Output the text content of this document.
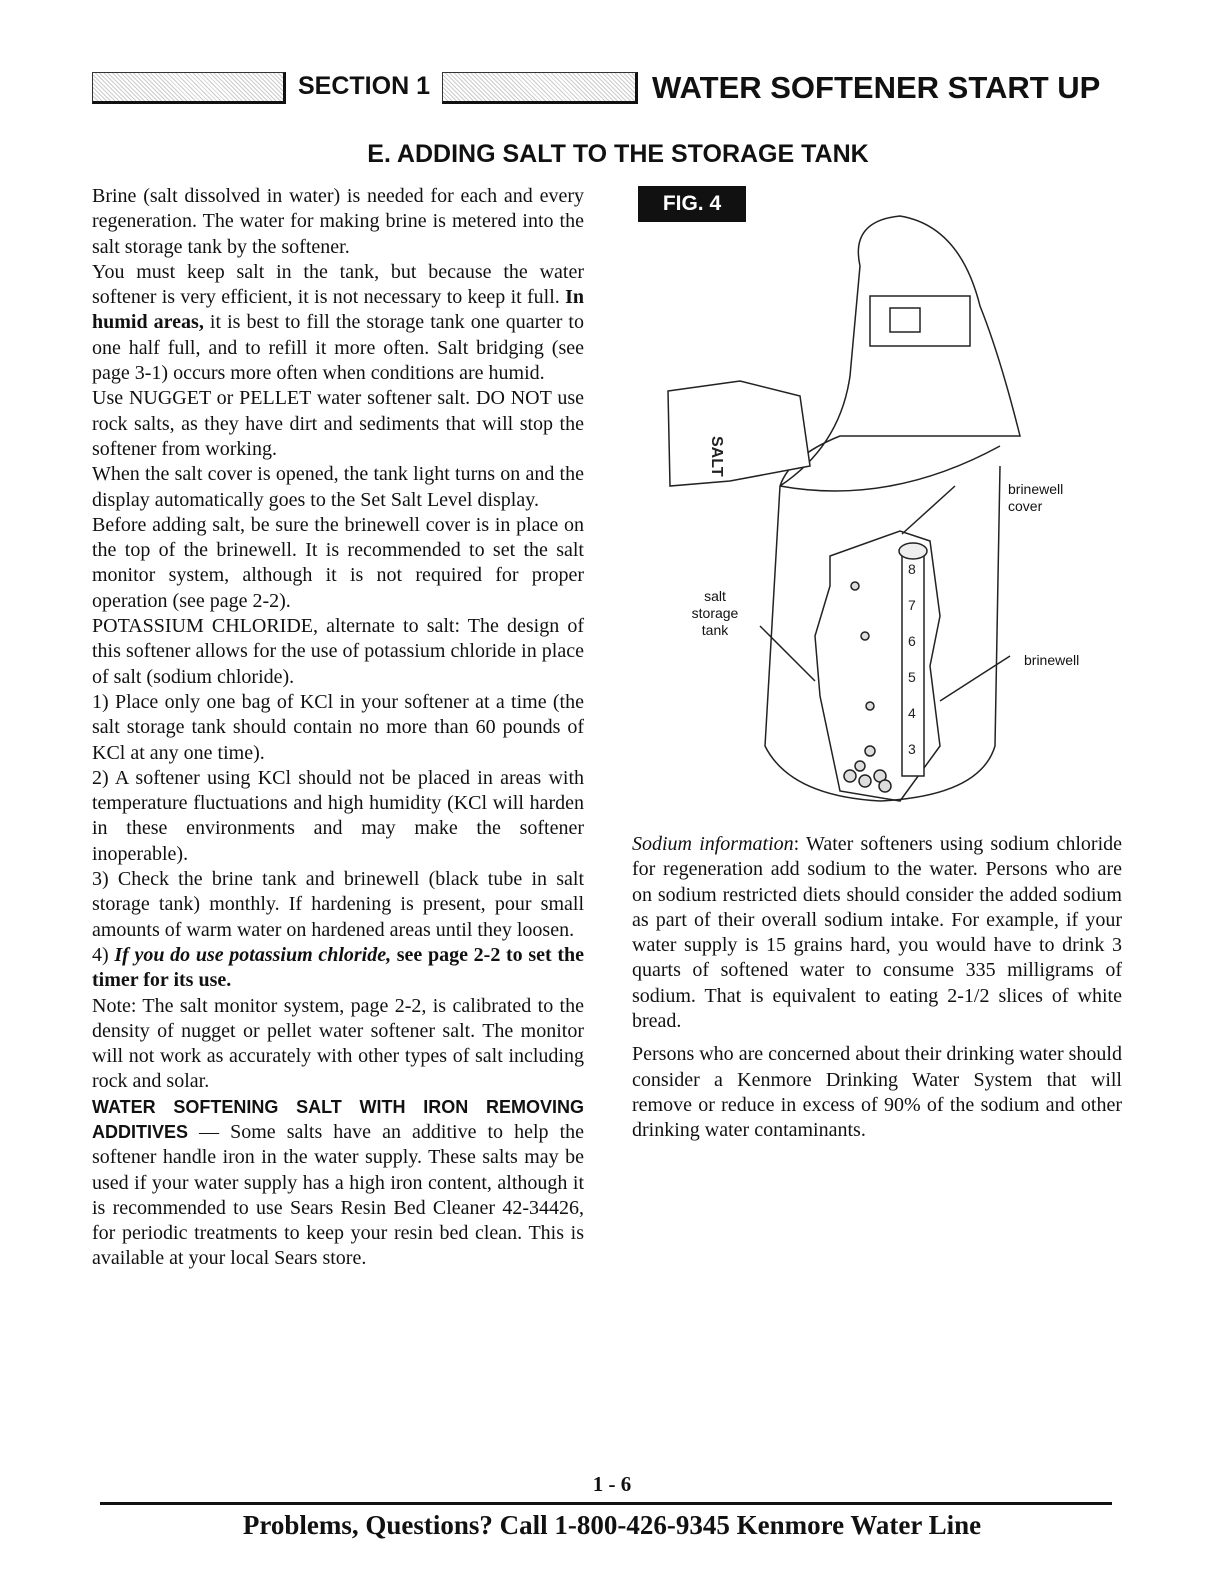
SECTION 1	WATER SOFTENER START UP
E. ADDING SALT TO THE STORAGE TANK

Brine (salt dissolved in water) is needed for each and every regeneration. The water for making brine is metered into the salt storage tank by the softener.

You must keep salt in the tank, but because the water softener is very efficient, it is not necessary to keep it full. In humid areas, it is best to fill the storage tank one quarter to one half full, and to refill it more often. Salt bridging (see page 3-1) occurs more often when conditions are humid.

Use NUGGET or PELLET water softener salt. DO NOT use rock salts, as they have dirt and sediments that will stop the softener from working.

When the salt cover is opened, the tank light turns on and the display automatically goes to the Set Salt Level display.

Before adding salt, be sure the brinewell cover is in place on the top of the brinewell. It is recommended to set the salt monitor system, although it is not required for proper operation (see page 2-2).

POTASSIUM CHLORIDE, alternate to salt: The design of this softener allows for the use of potassium chloride in place of salt (sodium chloride).

1) Place only one bag of KCl in your softener at a time (the salt storage tank should contain no more than 60 pounds of KCl at any one time).

2) A softener using KCl should not be placed in areas with temperature fluctuations and high humidity (KCl will harden in these environments and may make the softener inoperable).

3) Check the brine tank and brinewell (black tube in salt storage tank) monthly. If hardening is present, pour small amounts of warm water on hardened areas until they loosen.

4) If you do use potassium chloride, see page 2-2 to set the timer for its use.

Note: The salt monitor system, page 2-2, is calibrated to the density of nugget or pellet water softener salt. The monitor will not work as accurately with other types of salt including rock and solar.

WATER SOFTENING SALT WITH IRON REMOVING ADDITIVES — Some salts have an additive to help the softener handle iron in the water supply. These salts may be used if your water supply has a high iron content, although it is recommended to use Sears Resin Bed Cleaner 42-34426, for periodic treatments to keep your resin bed clean. This is available at your local Sears store.

SALT
8
7
6
5
4
3
FIG. 4
brinewell cover
salt storage tank
brinewell

Sodium information: Water softeners using sodium chloride for regeneration add sodium to the water. Persons who are on sodium restricted diets should consider the added sodium as part of their overall sodium intake. For example, if your water supply is 15 grains hard, you would have to drink 3 quarts of softened water to consume 335 milligrams of sodium. That is equivalent to eating 2-1/2 slices of white bread.

Persons who are concerned about their drinking water should consider a Kenmore Drinking Water System that will remove or reduce in excess of 90% of the sodium and other drinking water contaminants.

1 - 6
Problems, Questions? Call 1-800-426-9345 Kenmore Water Line
